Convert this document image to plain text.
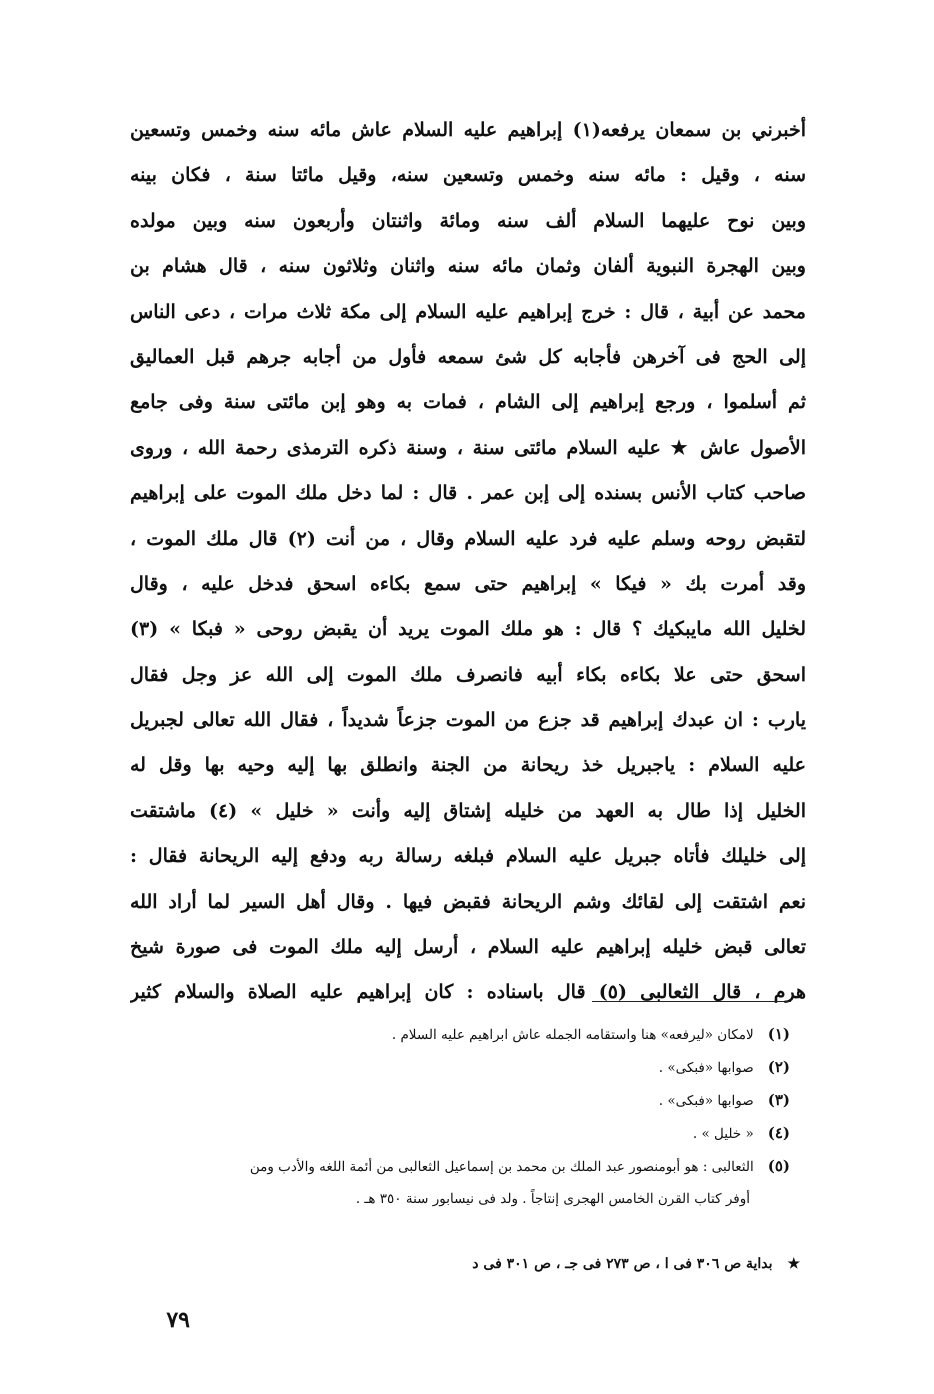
أخبرني بن سمعان يرفعه(١) إبراهيم عليه السلام عاش مائه سنه وخمس وتسعين
سنه ، وقيل : مائه سنه وخمس وتسعين سنه، وقيل مائتا سنة ، فكان بينه
وبين نوح عليهما السلام ألف سنه ومائة واثنتان وأربعون سنه وبين مولده
وبين الهجرة النبوية ألفان وثمان مائه سنه واثنان وثلاثون سنه ، قال هشام بن
محمد عن أبية ، قال : خرج إبراهيم عليه السلام إلى مكة ثلاث مرات ، دعى الناس
إلى الحج فى آخرهن فأجابه كل شئ سمعه فأول من أجابه جرهم قبل العماليق
ثم أسلموا ، ورجع إبراهيم إلى الشام ، فمات به وهو إبن مائتى سنة وفى جامع
الأصول عاش ★ عليه السلام مائتى سنة ، وسنة ذكره الترمذى رحمة الله ، وروى
صاحب كتاب الأنس بسنده إلى إبن عمر . قال : لما دخل ملك الموت على إبراهيم
لتقبض روحه وسلم عليه فرد عليه السلام وقال ، من أنت (٢) قال ملك الموت ،
وقد أمرت بك « فيكا » إبراهيم حتى سمع بكاءه اسحق فدخل عليه ، وقال
لخليل الله مايبكيك ؟ قال : هو ملك الموت يريد أن يقبض روحى « فبكا » (٣)
اسحق حتى علا بكاءه بكاء أبيه فانصرف ملك الموت إلى الله عز وجل فقال
يارب : ان عبدك إبراهيم قد جزع من الموت جزعاً شديداً ، فقال الله تعالى لجبريل
عليه السلام : ياجبريل خذ ريحانة من الجنة وانطلق بها إليه وحيه بها وقل له
الخليل إذا طال به العهد من خليله إشتاق إليه وأنت « خليل » (٤) ماشتقت
إلى خليلك فأتاه جبريل عليه السلام فبلغه رسالة ربه ودفع إليه الريحانة فقال :
نعم اشتقت إلى لقائك وشم الريحانة فقبض فيها . وقال أهل السير لما أراد الله
تعالى قبض خليله إبراهيم عليه السلام ، أرسل إليه ملك الموت فى صورة شيخ
هرم ، قال الثعالبى (٥) قال باسناده : كان إبراهيم عليه الصلاة والسلام كثير
(١) لامكان «ليرفعه» هنا واستقامه الجمله عاش ابراهيم عليه السلام .
(٢) صوابها «فبكى» .
(٣) صوابها «فبكى» .
(٤) « خليل » .
(٥) الثعالبى : هو أبومنصور عبد الملك بن محمد بن إسماعيل الثعالبى من أئمة اللغه والأدب ومن
أوفر كتاب القرن الخامس الهجرى إنتاجاً . ولد فى نيسابور سنة ٣٥٠ هـ .
★ بداية ص ٣٠٦ فى ا ، ص ٢٧٣ فى جـ ، ص ٣٠١ فى د
٧٩
